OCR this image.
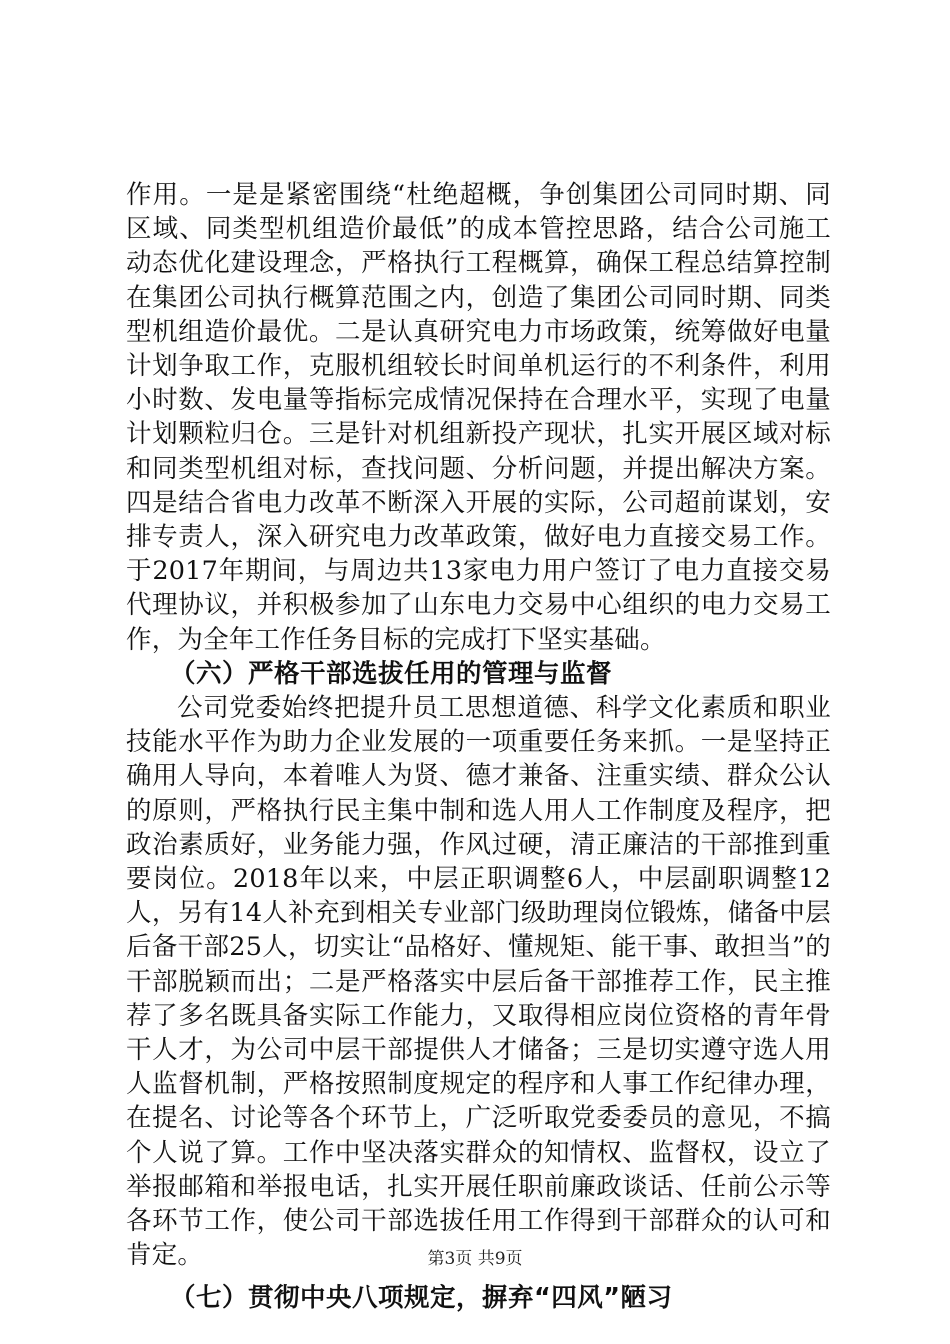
作用。一是是紧密围绕“杜绝超概，争创集团公司同时期、同区域、同类型机组造价最低”的成本管控思路，结合公司施工动态优化建设理念，严格执行工程概算，确保工程总结算控制在集团公司执行概算范围之内，创造了集团公司同时期、同类型机组造价最优。二是认真研究电力市场政策，统筹做好电量计划争取工作，克服机组较长时间单机运行的不利条件，利用小时数、发电量等指标完成情况保持在合理水平，实现了电量计划颗粒归仓。三是针对机组新投产现状，扎实开展区域对标和同类型机组对标，查找问题、分析问题，并提出解决方案。四是结合省电力改革不断深入开展的实际，公司超前谋划，安排专责人，深入研究电力改革政策，做好电力直接交易工作。于2017年期间，与周边共13家电力用户签订了电力直接交易代理协议，并积极参加了山东电力交易中心组织的电力交易工作，为全年工作任务目标的完成打下坚实基础。

（六）严格干部选拔任用的管理与监督

公司党委始终把提升员工思想道德、科学文化素质和职业技能水平作为助力企业发展的一项重要任务来抓。一是坚持正确用人导向，本着唯人为贤、德才兼备、注重实绩、群众公认的原则，严格执行民主集中制和选人用人工作制度及程序，把政治素质好，业务能力强，作风过硬，清正廉洁的干部推到重要岗位。2018年以来，中层正职调整6人，中层副职调整12人，另有14人补充到相关专业部门级助理岗位锻炼，储备中层后备干部25人，切实让“品格好、懂规矩、能干事、敢担当”的干部脱颖而出；二是严格落实中层后备干部推荐工作，民主推荐了多名既具备实际工作能力，又取得相应岗位资格的青年骨干人才，为公司中层干部提供人才储备；三是切实遵守选人用人监督机制，严格按照制度规定的程序和人事工作纪律办理，在提名、讨论等各个环节上，广泛听取党委委员的意见，不搞个人说了算。工作中坚决落实群众的知情权、监督权，设立了举报邮箱和举报电话，扎实开展任职前廉政谈话、任前公示等各环节工作，使公司干部选拔任用工作得到干部群众的认可和肯定。

（七）贯彻中央八项规定，摒弃“四风”陋习

第3页 共9页
